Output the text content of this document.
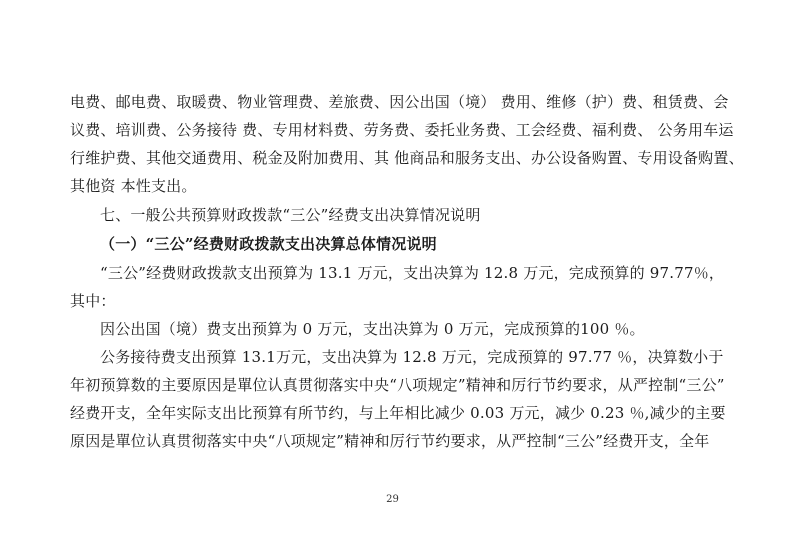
电费、邮电费、取暖费、物业管理费、差旅费、因公出国（境） 费用、维修（护）费、租赁费、会
议费、培训费、公务接待 费、专用材料费、劳务费、委托业务费、工会经费、福利费、 公务用车运
行维护费、其他交通费用、税金及附加费用、其 他商品和服务支出、办公设备购置、专用设备购置、
其他资 本性支出。
七、一般公共预算财政拨款“三公”经费支出决算情况说明
（一）“三公”经费财政拨款支出决算总体情况说明
“三公”经费财政拨款支出预算为 13.1 万元，支出决算为 12.8 万元，完成预算的 97.77％，
其中：
因公出国（境）费支出预算为 0 万元，支出决算为 0 万元，完成预算的100 ％。
公务接待费支出预算 13.1万元，支出决算为 12.8 万元，完成预算的 97.77 ％，决算数小于
年初预算数的主要原因是單位认真贯彻落实中央“八项规定”精神和厉行节约要求，从严控制“三公”
经费开支，全年实际支出比预算有所节约，与上年相比减少 0.03 万元，减少 0.23 ％,减少的主要
原因是單位认真贯彻落实中央“八项规定”精神和厉行节约要求，从严控制“三公”经费开支，全年
29
